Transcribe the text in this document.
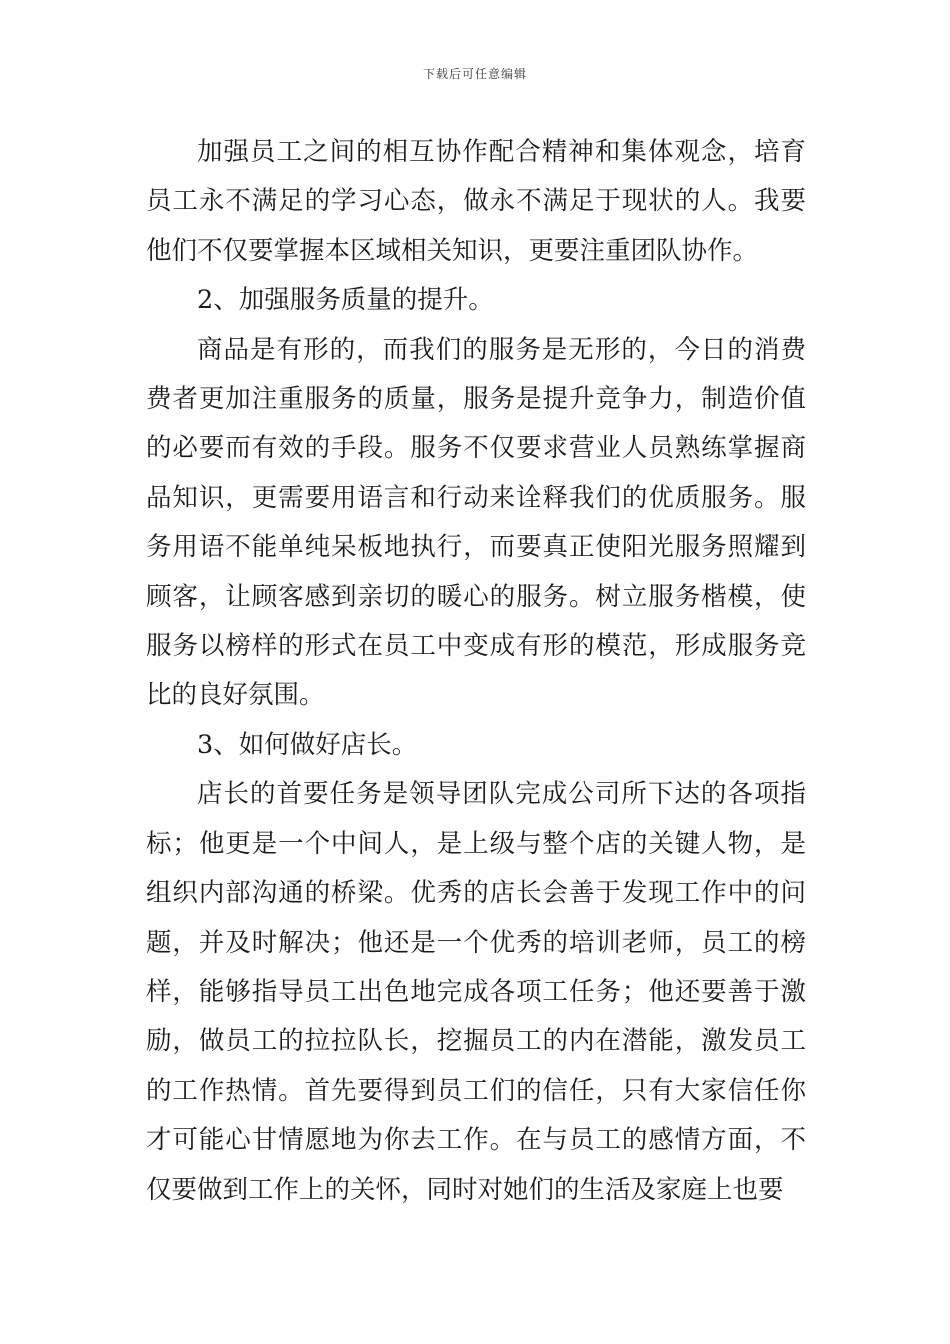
下载后可任意编辑

加强员工之间的相互协作配合精神和集体观念，培育员工永不满足的学习心态，做永不满足于现状的人。我要他们不仅要掌握本区域相关知识，更要注重团队协作。

2、加强服务质量的提升。

商品是有形的，而我们的服务是无形的，今日的消费费者更加注重服务的质量，服务是提升竞争力，制造价值的必要而有效的手段。服务不仅要求营业人员熟练掌握商品知识，更需要用语言和行动来诠释我们的优质服务。服务用语不能单纯呆板地执行，而要真正使阳光服务照耀到顾客，让顾客感到亲切的暖心的服务。树立服务楷模，使服务以榜样的形式在员工中变成有形的模范，形成服务竞比的良好氛围。

3、如何做好店长。

店长的首要任务是领导团队完成公司所下达的各项指标；他更是一个中间人，是上级与整个店的关键人物，是组织内部沟通的桥梁。优秀的店长会善于发现工作中的问题，并及时解决；他还是一个优秀的培训老师，员工的榜样，能够指导员工出色地完成各项工任务；他还要善于激励，做员工的拉拉队长，挖掘员工的内在潜能，激发员工的工作热情。首先要得到员工们的信任，只有大家信任你才可能心甘情愿地为你去工作。在与员工的感情方面，不仅要做到工作上的关怀，同时对她们的生活及家庭上也要
